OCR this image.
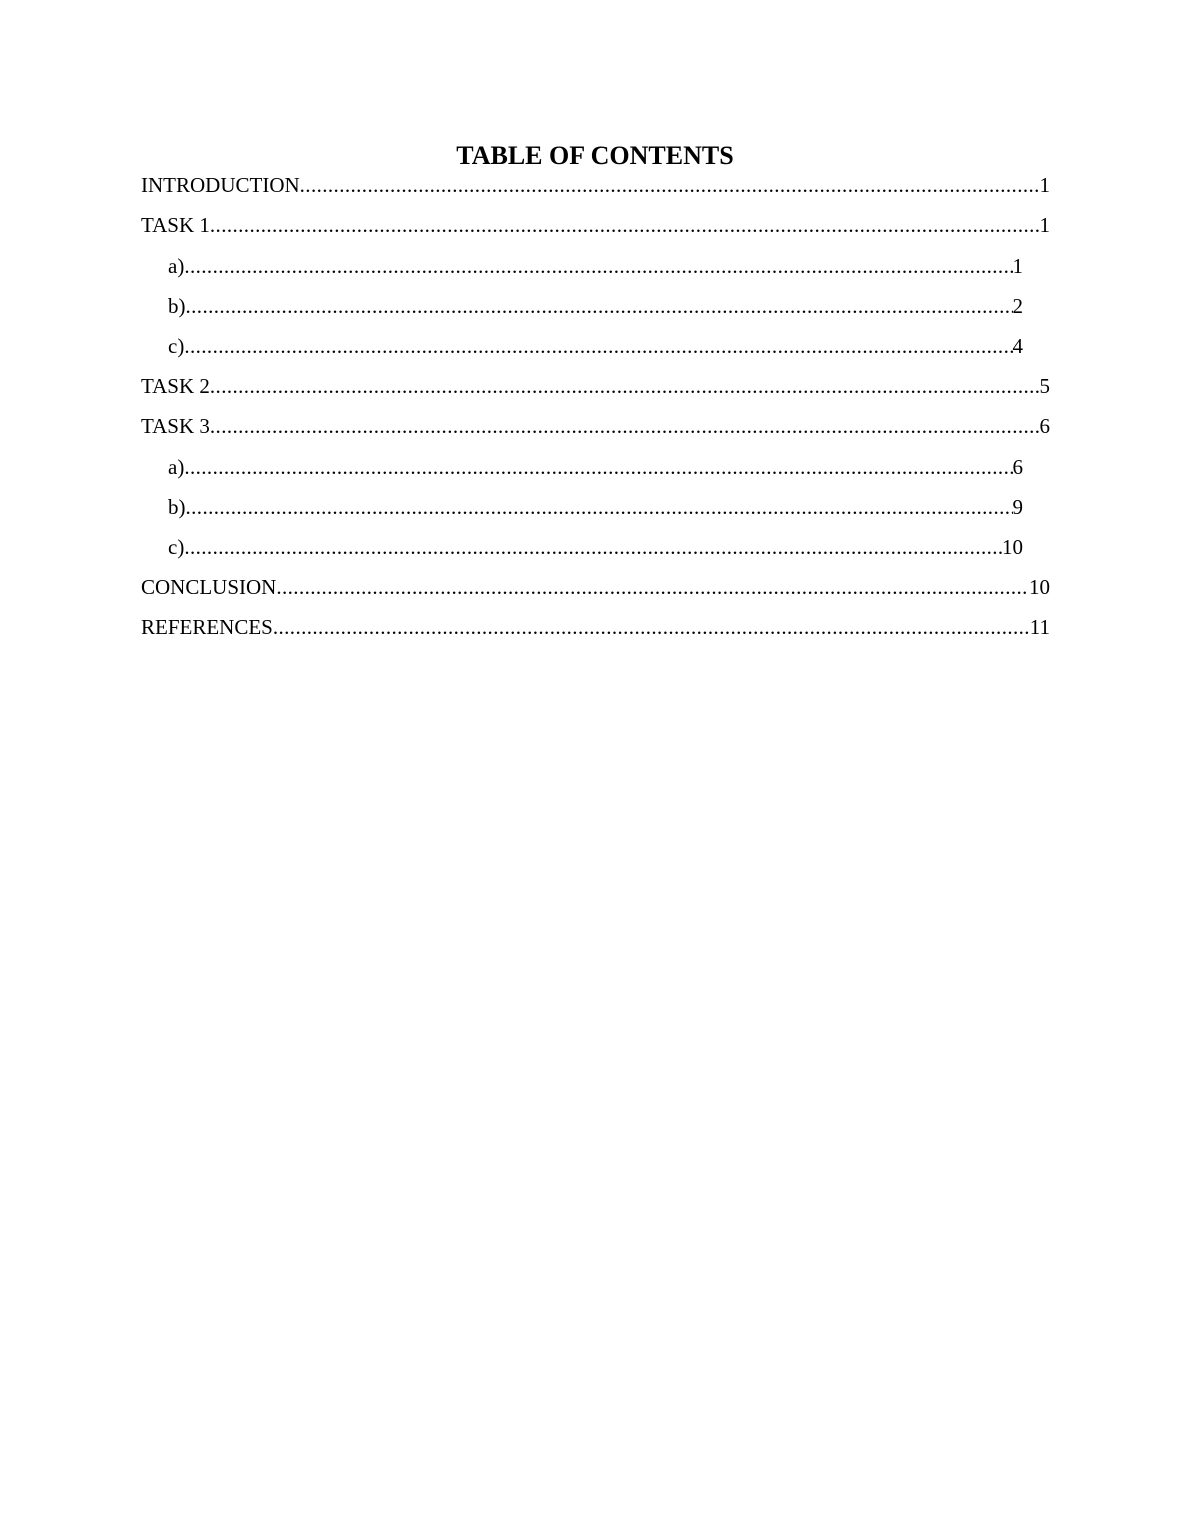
TABLE OF CONTENTS
INTRODUCTION .....	1
TASK 1 .....	1
a) .....	1
b) .....	2
c) .....	4
TASK 2 .....	5
TASK 3 .....	6
a) .....	6
b) .....	9
c) .....	10
CONCLUSION .....	10
REFERENCES .....	11
